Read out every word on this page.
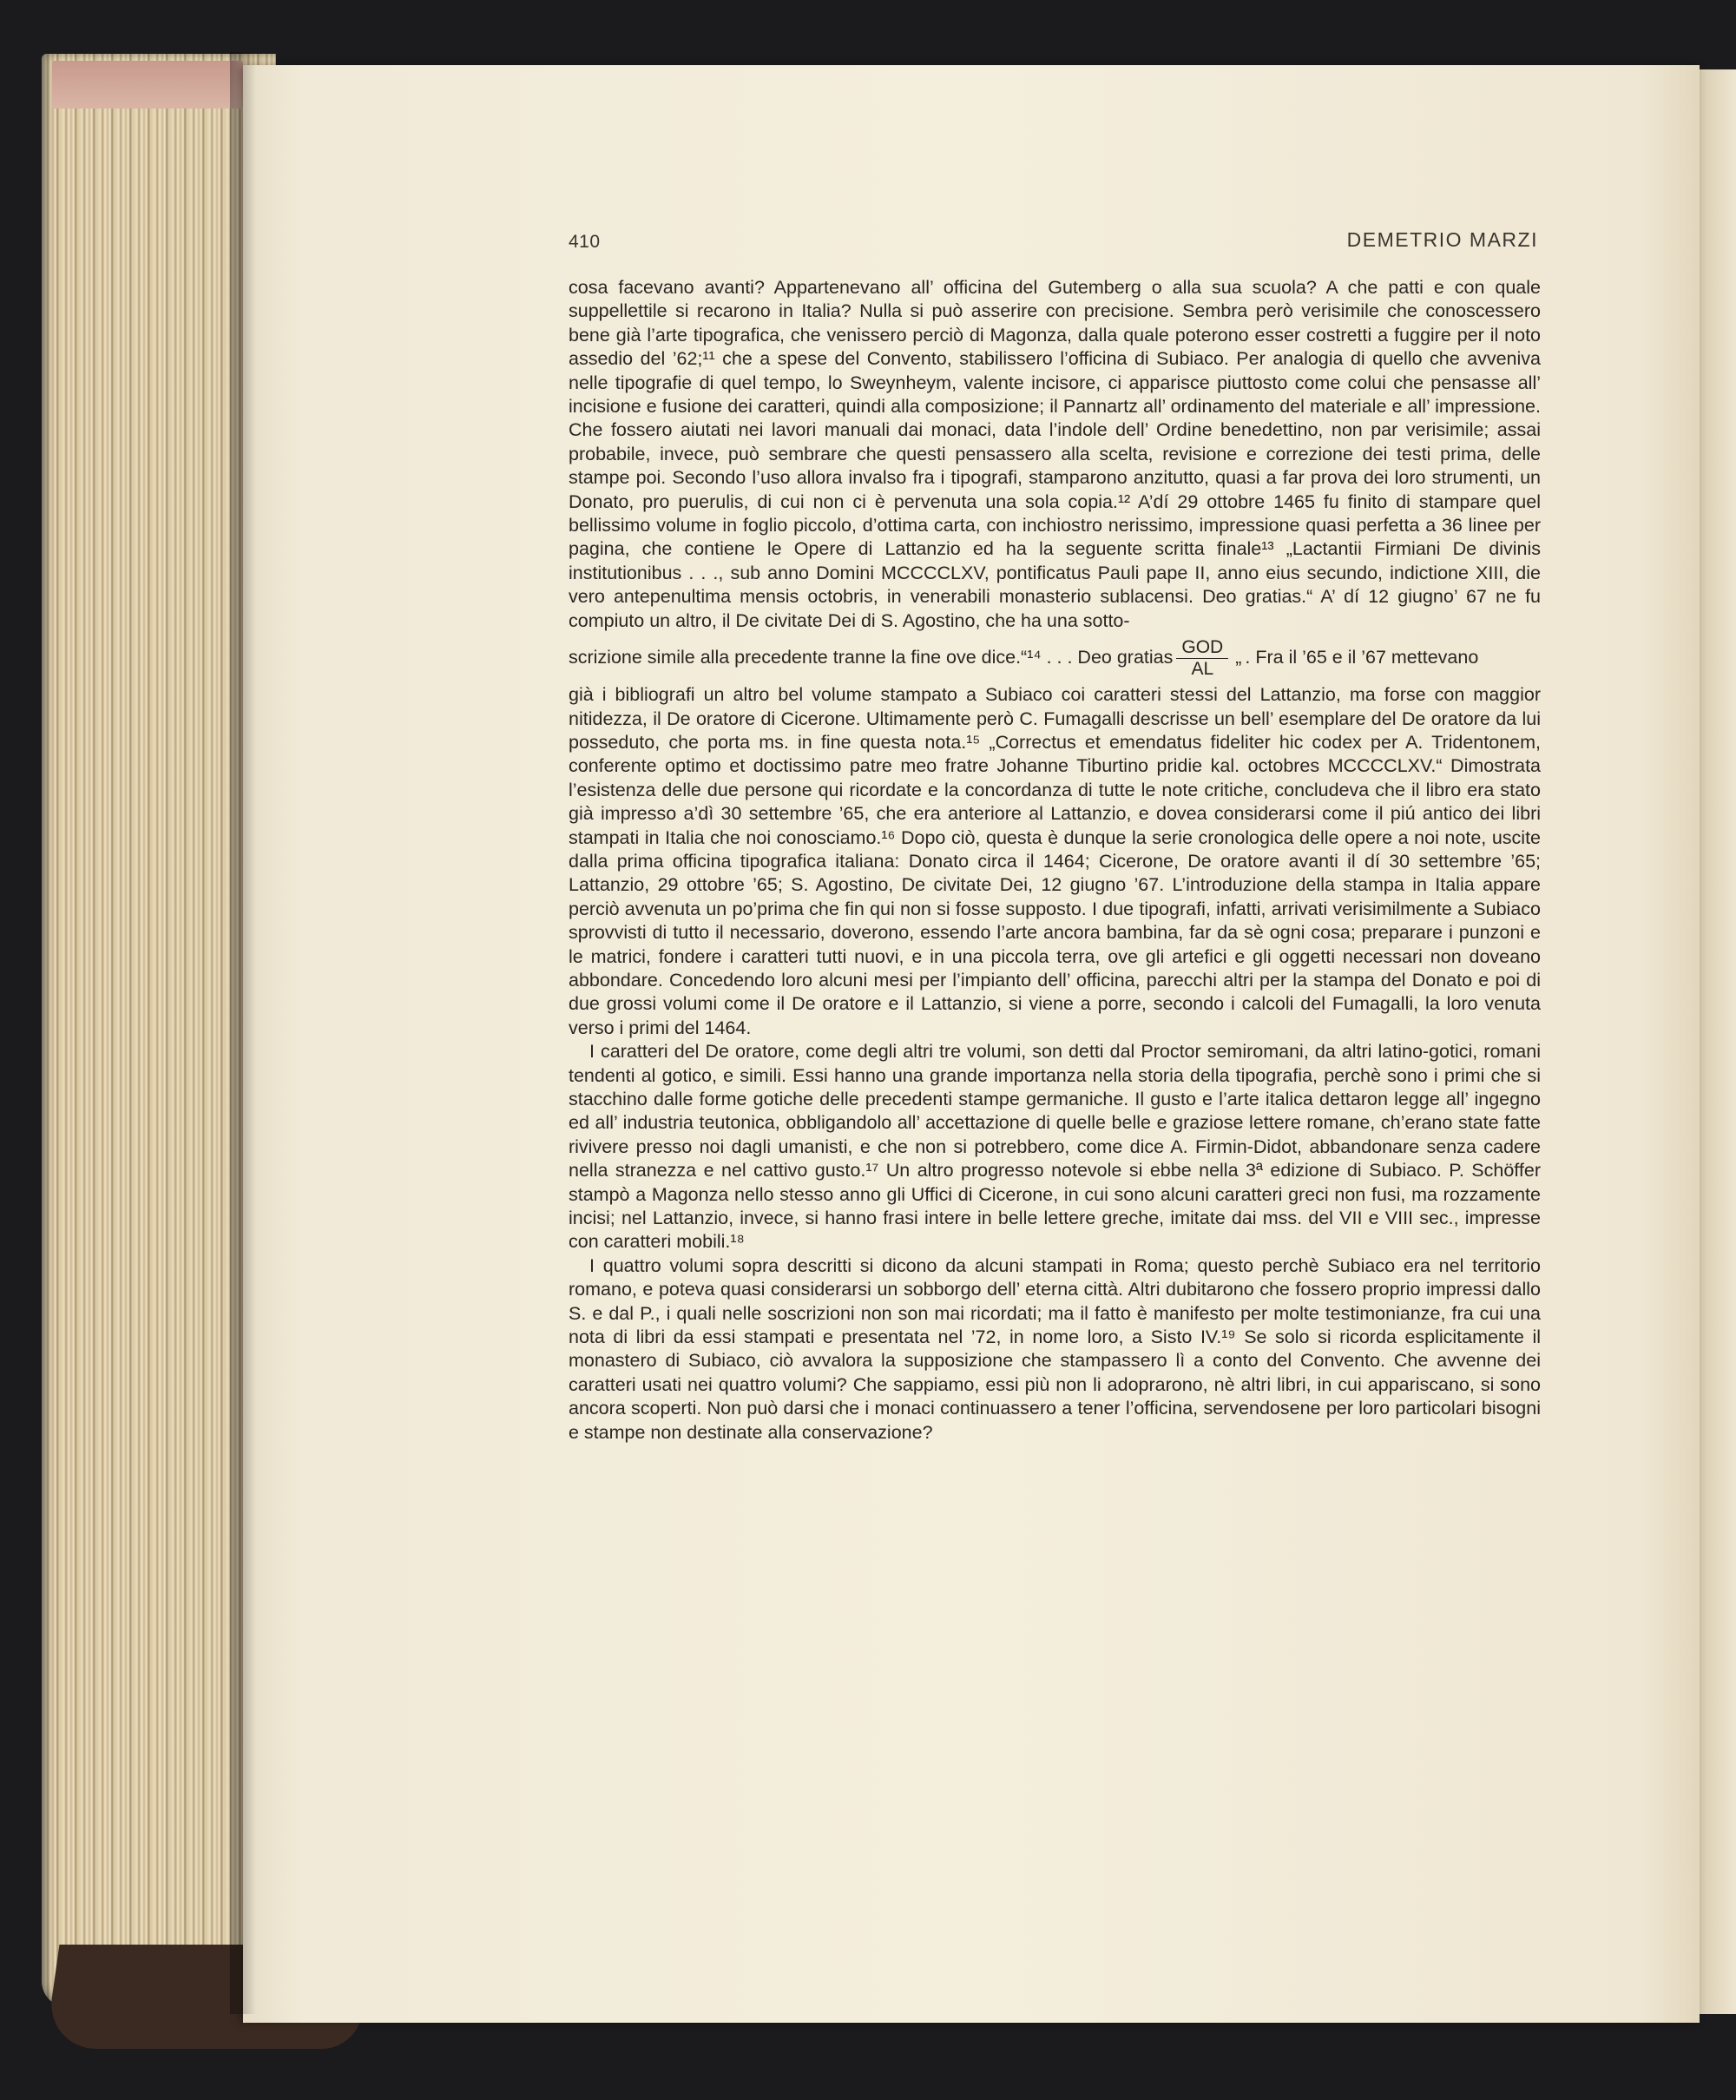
410	DEMETRIO MARZI

cosa facevano avanti? Appartenevano all’ officina del Gutemberg o alla sua scuola? A che patti e con quale suppellettile si recarono in Italia? Nulla si può asserire con precisione. Sembra però verisimile che conoscessero bene già l’arte tipografica, che venissero perciò di Magonza, dalla quale poterono esser costretti a fuggire per il noto assedio del ’62;¹¹ che a spese del Convento, stabilissero l’officina di Subiaco. Per analogia di quello che avveniva nelle tipografie di quel tempo, lo Sweynheym, valente incisore, ci apparisce piuttosto come colui che pensasse all’ incisione e fusione dei caratteri, quindi alla composizione; il Pannartz all’ ordinamento del materiale e all’ impressione. Che fossero aiutati nei lavori manuali dai monaci, data l’indole dell’ Ordine benedettino, non par verisimile; assai probabile, invece, può sembrare che questi pensassero alla scelta, revisione e correzione dei testi prima, delle stampe poi. Secondo l’uso allora invalso fra i tipografi, stamparono anzitutto, quasi a far prova dei loro strumenti, un Donato, pro puerulis, di cui non ci è pervenuta una sola copia.¹² A’dí 29 ottobre 1465 fu finito di stampare quel bellissimo volume in foglio piccolo, d’ottima carta, con inchiostro nerissimo, impressione quasi perfetta a 36 linee per pagina, che contiene le Opere di Lattanzio ed ha la seguente scritta finale¹³ „Lactantii Firmiani De divinis institutionibus . . ., sub anno Domini MCCCCLXV, pontificatus Pauli pape II, anno eius secundo, indictione XIII, die vero antepenultima mensis octobris, in venerabili monasterio sublacensi. Deo gratias.“ A’ dí 12 giugno’ 67 ne fu compiuto un altro, il De civitate Dei di S. Agostino, che ha una sotto-

scrizione simile alla precedente tranne la fine ove dice.“¹⁴ . . . Deo gratias $\frac{\text{GOD}}{AL}$ „ . Fra il ’65 e il ’67 mettevano

già i bibliografi un altro bel volume stampato a Subiaco coi caratteri stessi del Lattanzio, ma forse con maggior nitidezza, il De oratore di Cicerone. Ultimamente però C. Fumagalli descrisse un bell’ esemplare del De oratore da lui posseduto, che porta ms. in fine questa nota.¹⁵ „Correctus et emendatus fideliter hic codex per A. Tridentonem, conferente optimo et doctissimo patre meo fratre Johanne Tiburtino pridie kal. octobres MCCCCLXV.“ Dimostrata l’esistenza delle due persone qui ricordate e la concordanza di tutte le note critiche, concludeva che il libro era stato già impresso a’dì 30 settembre ’65, che era anteriore al Lattanzio, e dovea considerarsi come il piú antico dei libri stampati in Italia che noi conosciamo.¹⁶ Dopo ciò, questa è dunque la serie cronologica delle opere a noi note, uscite dalla prima officina tipografica italiana: Donato circa il 1464; Cicerone, De oratore avanti il dí 30 settembre ’65; Lattanzio, 29 ottobre ’65; S. Agostino, De civitate Dei, 12 giugno ’67. L’introduzione della stampa in Italia appare perciò avvenuta un po’prima che fin qui non si fosse supposto. I due tipografi, infatti, arrivati verisimilmente a Subiaco sprovvisti di tutto il necessario, doverono, essendo l’arte ancora bambina, far da sè ogni cosa; preparare i punzoni e le matrici, fondere i caratteri tutti nuovi, e in una piccola terra, ove gli artefici e gli oggetti necessari non doveano abbondare. Concedendo loro alcuni mesi per l’impianto dell’ officina, parecchi altri per la stampa del Donato e poi di due grossi volumi come il De oratore e il Lattanzio, si viene a porre, secondo i calcoli del Fumagalli, la loro venuta verso i primi del 1464.

I caratteri del De oratore, come degli altri tre volumi, son detti dal Proctor semiromani, da altri latino-gotici, romani tendenti al gotico, e simili. Essi hanno una grande importanza nella storia della tipografia, perchè sono i primi che si stacchino dalle forme gotiche delle precedenti stampe germaniche. Il gusto e l’arte italica dettaron legge all’ ingegno ed all’ industria teutonica, obbligandolo all’ accettazione di quelle belle e graziose lettere romane, ch’erano state fatte rivivere presso noi dagli umanisti, e che non si potrebbero, come dice A. Firmin-Didot, abbandonare senza cadere nella stranezza e nel cattivo gusto.¹⁷ Un altro progresso notevole si ebbe nella 3ª edizione di Subiaco. P. Schöffer stampò a Magonza nello stesso anno gli Uffici di Cicerone, in cui sono alcuni caratteri greci non fusi, ma rozzamente incisi; nel Lattanzio, invece, si hanno frasi intere in belle lettere greche, imitate dai mss. del VII e VIII sec., impresse con caratteri mobili.¹⁸

I quattro volumi sopra descritti si dicono da alcuni stampati in Roma; questo perchè Subiaco era nel territorio romano, e poteva quasi considerarsi un sobborgo dell’ eterna città. Altri dubitarono che fossero proprio impressi dallo S. e dal P., i quali nelle soscrizioni non son mai ricordati; ma il fatto è manifesto per molte testimonianze, fra cui una nota di libri da essi stampati e presentata nel ’72, in nome loro, a Sisto IV.¹⁹ Se solo si ricorda esplicitamente il monastero di Subiaco, ciò avvalora la supposizione che stampassero lì a conto del Convento. Che avvenne dei caratteri usati nei quattro volumi? Che sappiamo, essi più non li adoprarono, nè altri libri, in cui appariscano, si sono ancora scoperti. Non può darsi che i monaci continuassero a tener l’officina, servendosene per loro particolari bisogni e stampe non destinate alla conservazione?
